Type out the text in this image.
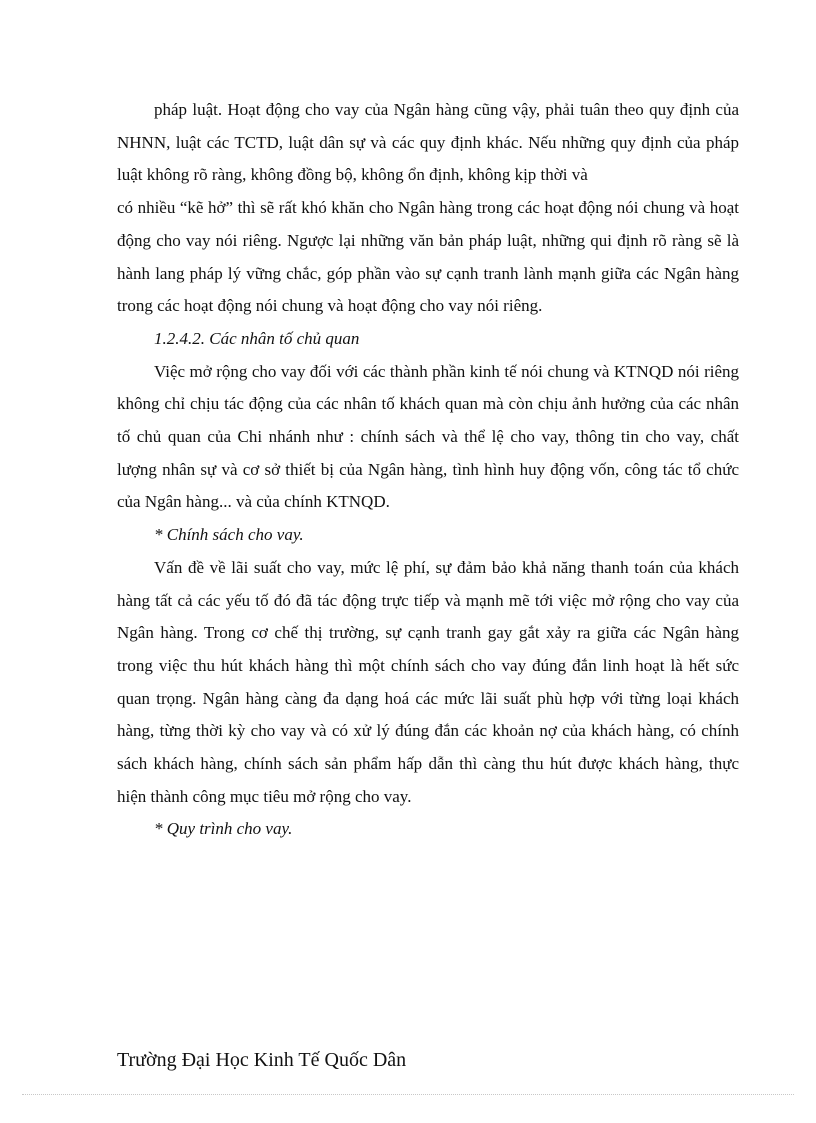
pháp luật. Hoạt động cho vay của Ngân hàng cũng vậy, phải tuân theo quy định của NHNN, luật các TCTD, luật dân sự và các quy định khác. Nếu những quy định của pháp luật không rõ ràng, không đồng bộ, không ổn định, không kịp thời và

có nhiều “kẽ hở” thì sẽ rất khó khăn cho Ngân hàng trong các hoạt động nói chung và hoạt động cho vay nói riêng. Ngược lại những văn bản pháp luật, những qui định rõ ràng sẽ là hành lang pháp lý vững chắc, góp phần vào sự cạnh tranh lành mạnh giữa các Ngân hàng trong các hoạt động nói chung và hoạt động cho vay nói riêng.

1.2.4.2. Các nhân tố chủ quan

Việc mở rộng cho vay đối với các thành phần kinh tế nói chung và KTNQD nói riêng không chỉ chịu tác động của các nhân tố khách quan mà còn chịu ảnh hưởng của các nhân tố chủ quan của Chi nhánh như : chính sách và thể lệ cho vay, thông tin cho vay, chất lượng nhân sự và cơ sở thiết bị của Ngân hàng, tình hình huy động vốn, công tác tổ chức của Ngân hàng... và của chính KTNQD.

* Chính sách cho vay.

Vấn đề về lãi suất cho vay, mức lệ phí, sự đảm bảo khả năng thanh toán của khách hàng tất cả các yếu tố đó đã tác động trực tiếp và mạnh mẽ tới việc mở rộng cho vay của Ngân hàng. Trong cơ chế thị trường, sự cạnh tranh gay gắt xảy ra giữa các Ngân hàng trong việc thu hút khách hàng thì một chính sách cho vay đúng đắn linh hoạt là hết sức quan trọng. Ngân hàng càng đa dạng hoá các mức lãi suất phù hợp với từng loại khách hàng, từng thời kỳ cho vay và có xử lý đúng đắn các khoản nợ của khách hàng, có chính sách khách hàng, chính sách sản phẩm hấp dẫn thì càng thu hút được khách hàng, thực hiện thành công mục tiêu mở rộng cho vay.

* Quy trình cho vay.

Trường Đại Học Kinh Tế Quốc Dân
